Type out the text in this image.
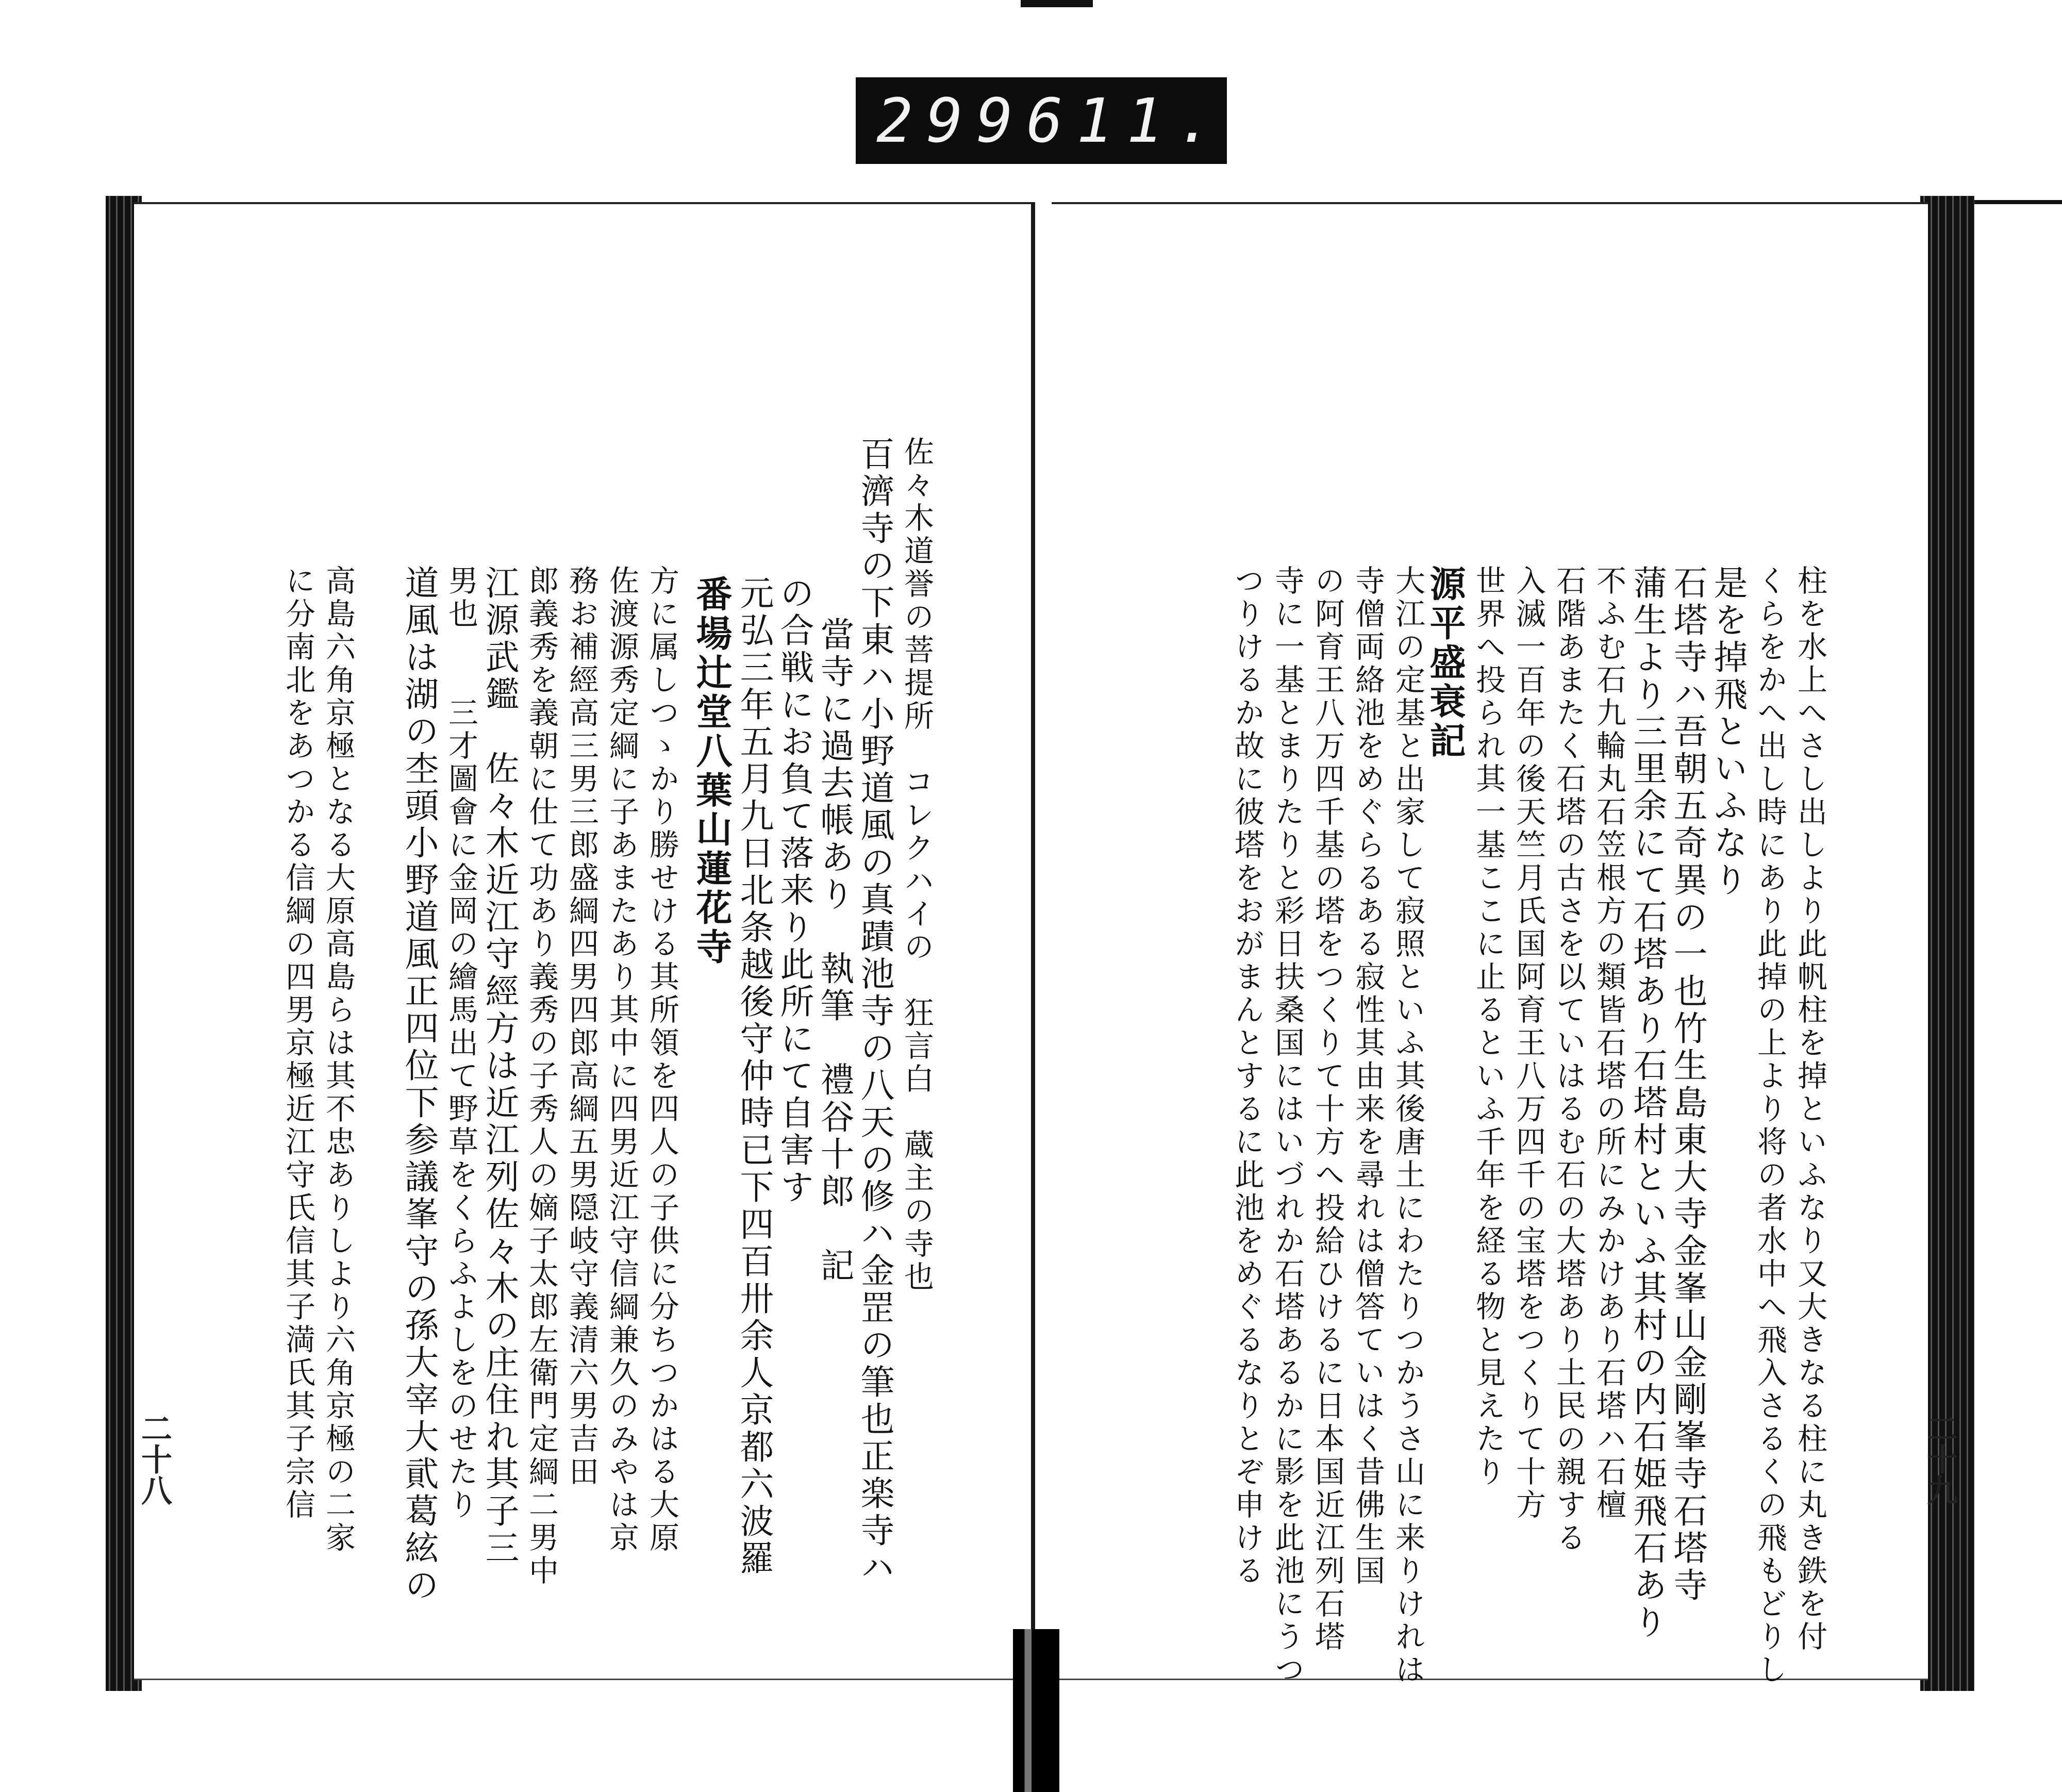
299 611.
番場辻堂八葉山蓮花寺 元弘三年五月九日北条越後守仲時已下四百卅余人京都六波羅 の合戦にお負て落来り此所にて自害す 當寺に過去帳あり　執筆　禮谷十郎　記 百濟寺の下東ハ小野道風の真蹟池寺の八天の修ハ金罡の筆也正楽寺ハ 佐々木道誉の菩提所　コレクハイの　狂言白　蔵主の寺也
道風は湖の杢頭小野道風正四位下参議峯守の孫大宰大貮葛絃の 男也　　三才圖會に金岡の繪馬出て野草をくらふよしをのせたり 江源武鑑　佐々木近江守經方は近江列佐々木の庄住れ其子三 郎義秀を義朝に仕て功あり義秀の子秀人の嫡子太郎左衛門定綱二男中 務お補經高三男三郎盛綱四男四郎高綱五男隠岐守義清六男吉田 佐渡源秀定綱に子あまたあり其中に四男近江守信綱兼久のみやは京 方に属しつゝかり勝せける其所領を四人の子供に分ちつかはる大原
高島六角京極となる大原高島らは其不忠ありしより六角京極の二家
に分南北をあつかる信綱の四男京極近江守氏信其子満氏其子宗信	柱を水上へさし出しより此帆柱を掉といふなり又大きなる柱に丸き鉄を付
くらをかへ出し時にあり此掉の上より将の者水中へ飛入さるくの飛もどりし
是を掉飛といふなり
石塔寺ハ吾朝五奇異の一也竹生島東大寺金峯山金剛峯寺石塔寺
蒲生より三里余にて石塔あり石塔村といふ其村の内石姫飛石あり
不ふむ石九輪丸石笠根方の類皆石塔の所にみかけあり石塔ハ石檀
石階あまたく石塔の古さを以ていはるむ石の大塔あり土民の親する
入滅一百年の後天竺月氏国阿育王八万四千の宝塔をつくりて十方
世界へ投られ其一基ここに止るといふ千年を経る物と見えたり
源平盛衰記
大江の定基と出家して寂照といふ其後唐土にわたりつかうさ山に来りけれは
寺僧両絡池をめぐらるある寂性其由来を尋れは僧答ていはく昔佛生国
の阿育王八万四千基の塔をつくりて十方へ投給ひけるに日本国近江列石塔
寺に一基とまりたりと彩日扶桑国にはいづれか石塔あるかに影を此池にうつ
つりけるか故に彼塔をおがまんとするに此池をめぐるなりとぞ申ける
二十八	二十九
